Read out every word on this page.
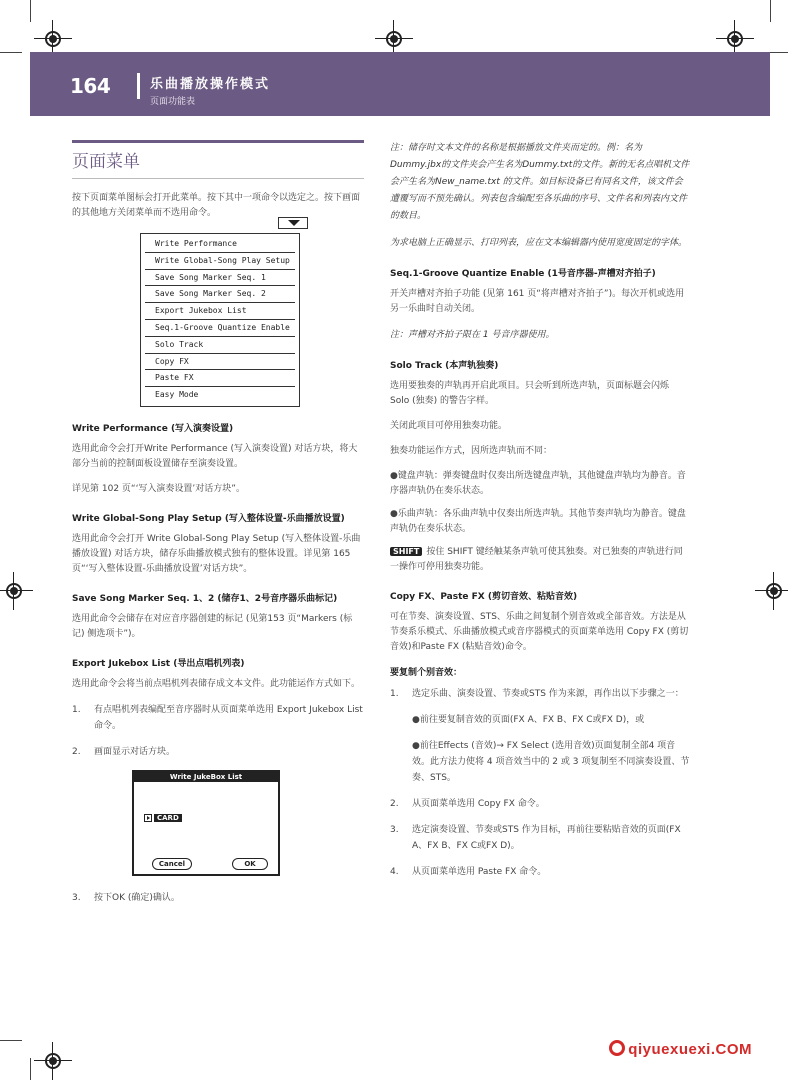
164	乐曲播放操作模式
页面功能表
页面菜单

按下页面菜单图标会打开此菜单。按下其中一项命令以选定之。按下画面的其他地方关闭菜单而不选用命令。

Write Performance
Write Global-Song Play Setup
Save Song Marker Seq. 1
Save Song Marker Seq. 2
Export Jukebox List
Seq.1-Groove Quantize Enable
Solo Track
Copy FX
Paste FX
Easy Mode
Write Performance (写入演奏设置)

选用此命令会打开Write Performance (写入演奏设置) 对话方块，将大部分当前的控制面板设置储存至演奏设置。

详见第 102 页“‘写入演奏设置’对话方块”。

Write Global-Song Play Setup (写入整体设置-乐曲播放设置)

选用此命令会打开 Write Global-Song Play Setup (写入整体设置-乐曲播放设置) 对话方块，储存乐曲播放模式独有的整体设置。详见第 165 页“‘写入整体设置-乐曲播放设置’对话方块”。

Save Song Marker Seq. 1、2 (储存1、2号音序器乐曲标记)

选用此命令会储存在对应音序器创建的标记 (见第153 页“Markers (标记) 侧选项卡”)。

Export Jukebox List (导出点唱机列表)

选用此命令会将当前点唱机列表储存成文本文件。此功能运作方式如下。

1.	有点唱机列表编配至音序器时从页面菜单选用 Export Jukebox List命令。
2.	画面显示对话方块。
Write JukeBox List
CARD
Cancel	OK
3.	按下OK (确定)确认。
注：储存时文本文件的名称是根据播放文件夹而定的。例：名为Dummy.jbx的文件夹会产生名为Dummy.txt的文件。新的无名点唱机文件会产生名为New_name.txt 的文件。如目标设备已有同名文件，该文件会遭覆写而不预先确认。列表包含编配至各乐曲的序号、文件名和列表内文件的数目。
为求电脑上正确显示、打印列表，应在文本编辑器内使用宽度固定的字体。
Seq.1-Groove Quantize Enable (1号音序器-声槽对齐拍子)

开关声槽对齐拍子功能 (见第 161 页“将声槽对齐拍子”)。每次开机或选用另一乐曲时自动关闭。

注：声槽对齐拍子限在 1 号音序器使用。
Solo Track (本声轨独奏)

选用要独奏的声轨再开启此项目。只会听到所选声轨，页面标题会闪烁 Solo (独奏) 的警告字样。

关闭此项目可停用独奏功能。

独奏功能运作方式，因所选声轨而不同：

●键盘声轨：弹奏键盘时仅奏出所选键盘声轨，其他键盘声轨均为静音。音序器声轨仍在奏乐状态。
●乐曲声轨：各乐曲声轨中仅奏出所选声轨。其他节奏声轨均为静音。键盘声轨仍在奏乐状态。

SHIFT 按住 SHIFT 键经触某条声轨可使其独奏。对已独奏的声轨进行同一操作可停用独奏功能。

Copy FX、Paste FX (剪切音效、粘贴音效)

可在节奏、演奏设置、STS、乐曲之间复制个别音效或全部音效。方法是从节奏系乐模式、乐曲播放模式或音序器模式的页面菜单选用 Copy FX (剪切音效)和Paste FX (粘贴音效)命令。

要复制个别音效：
1.	选定乐曲、演奏设置、节奏或STS 作为来源，再作出以下步骤之一：
●前往要复制音效的页面(FX A、FX B、FX C或FX D)，或
●前往Effects (音效)→ FX Select (选用音效)页面复制全部4 项音效。此方法力使将 4 项音效当中的 2 或 3 项复制至不同演奏设置、节奏、STS。
2.	从页面菜单选用 Copy FX 命令。
3.	选定演奏设置、节奏或STS 作为目标，再前往要粘贴音效的页面(FX A、FX B、FX C或FX D)。
4.	从页面菜单选用 Paste FX 命令。
qiyuexuexi.COM
